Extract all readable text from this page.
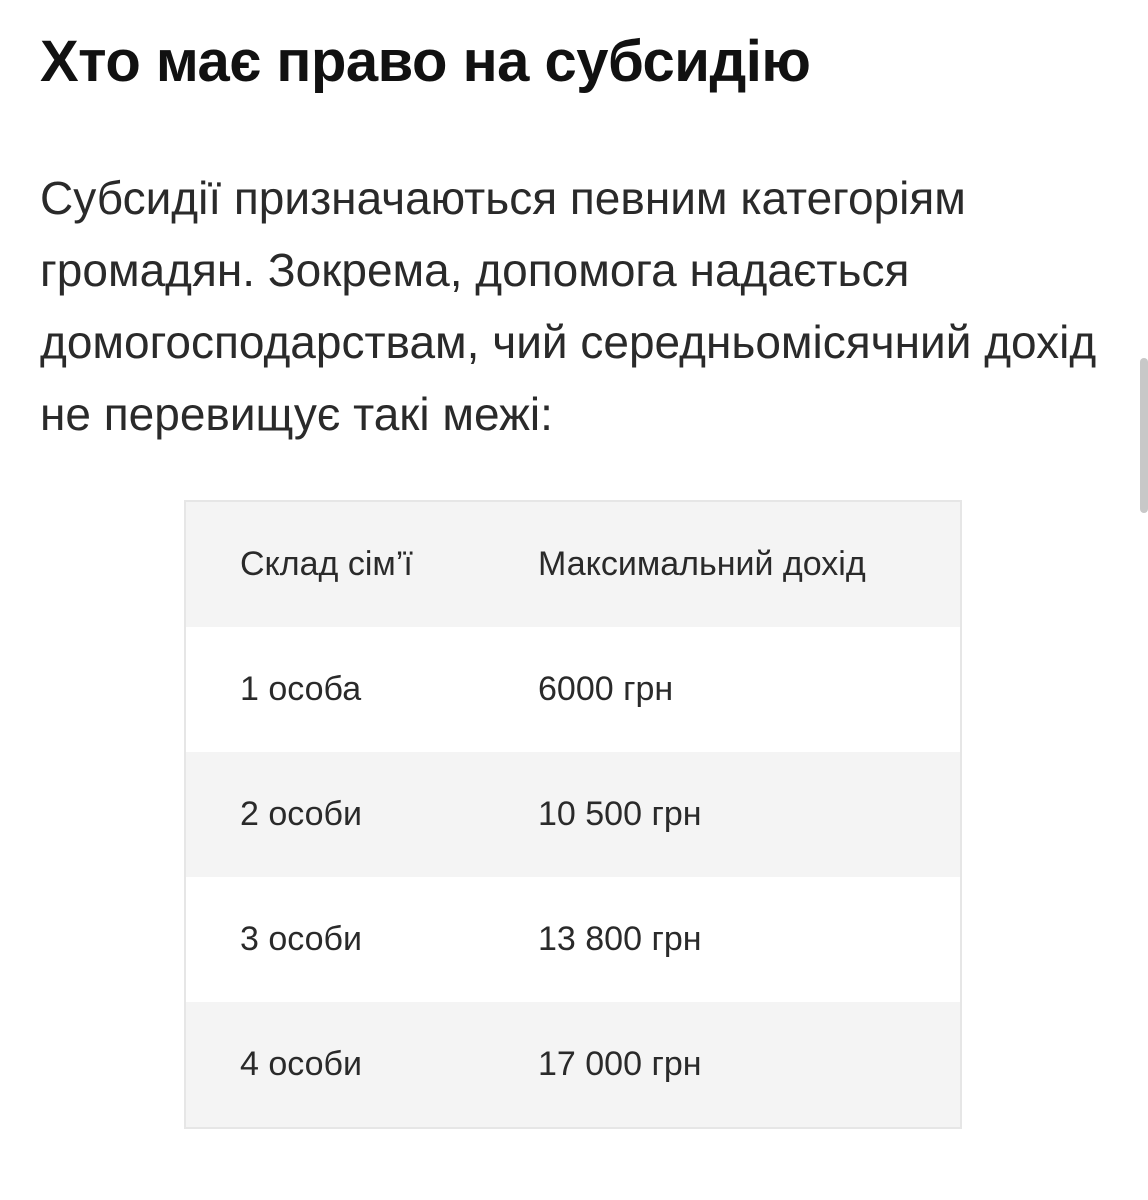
Хто має право на субсидію

Субсидії призначаються певним категоріям громадян. Зокрема, допомога надається домогосподарствам, чий середньомісячний дохід не перевищує такі межі:

Склад сім’ї	Максимальний дохід
1 особа	6000 грн
2 особи	10 500 грн
3 особи	13 800 грн
4 особи	17 000 грн
